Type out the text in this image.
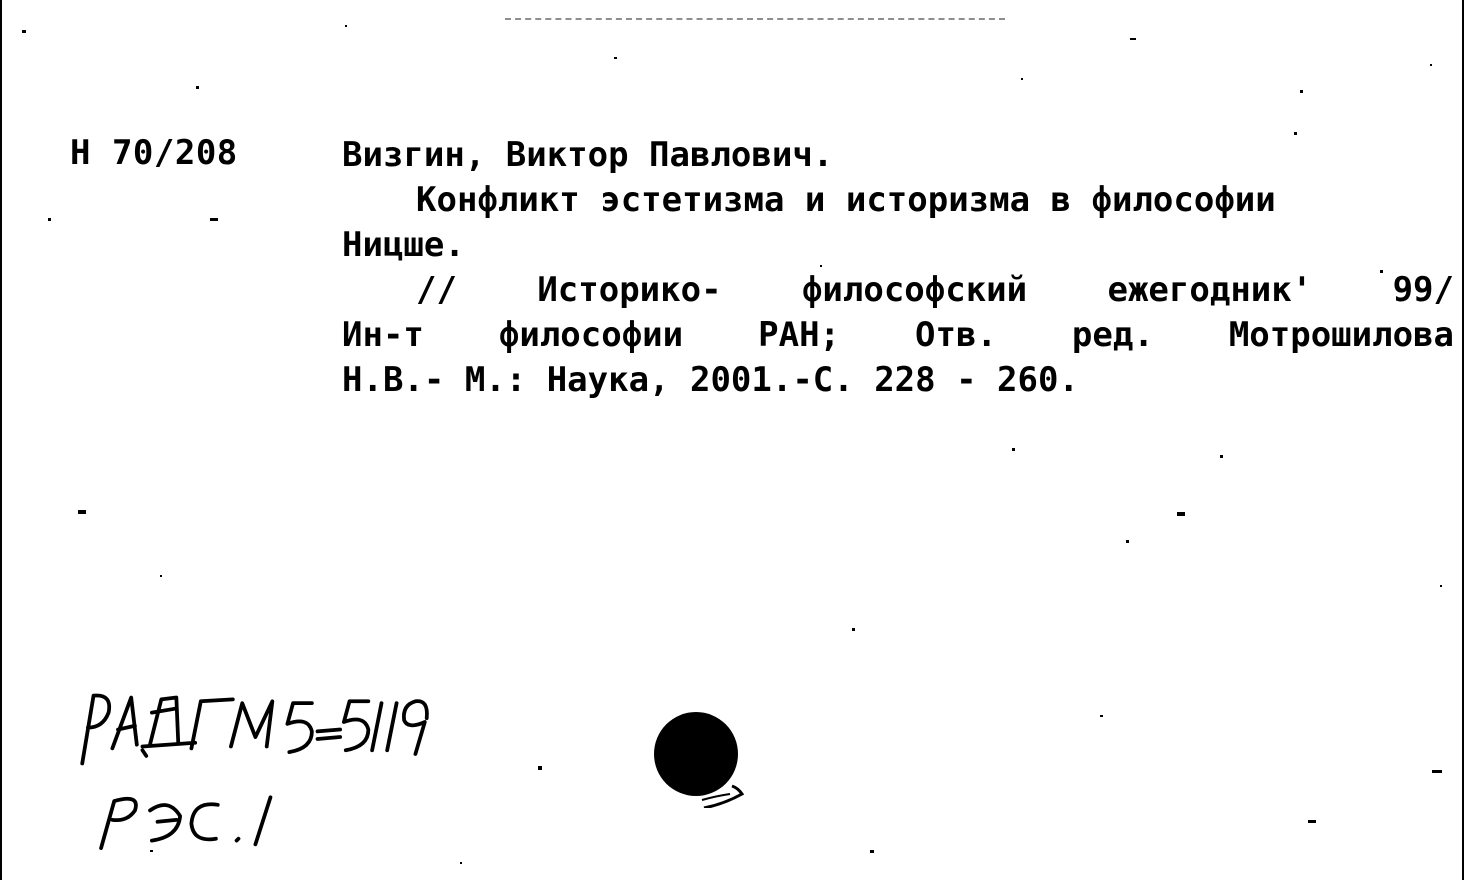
Н 70/208	Визгин, Виктор Павлович.
Конфликт эстетизма и историзма в философии
Ницше.
// Историко- философский ежегодник' 99/
Ин-т философии РАН; Отв. ред. Мотрошилова
Н.В.- М.: Наука, 2001.-С. 228 - 260.
